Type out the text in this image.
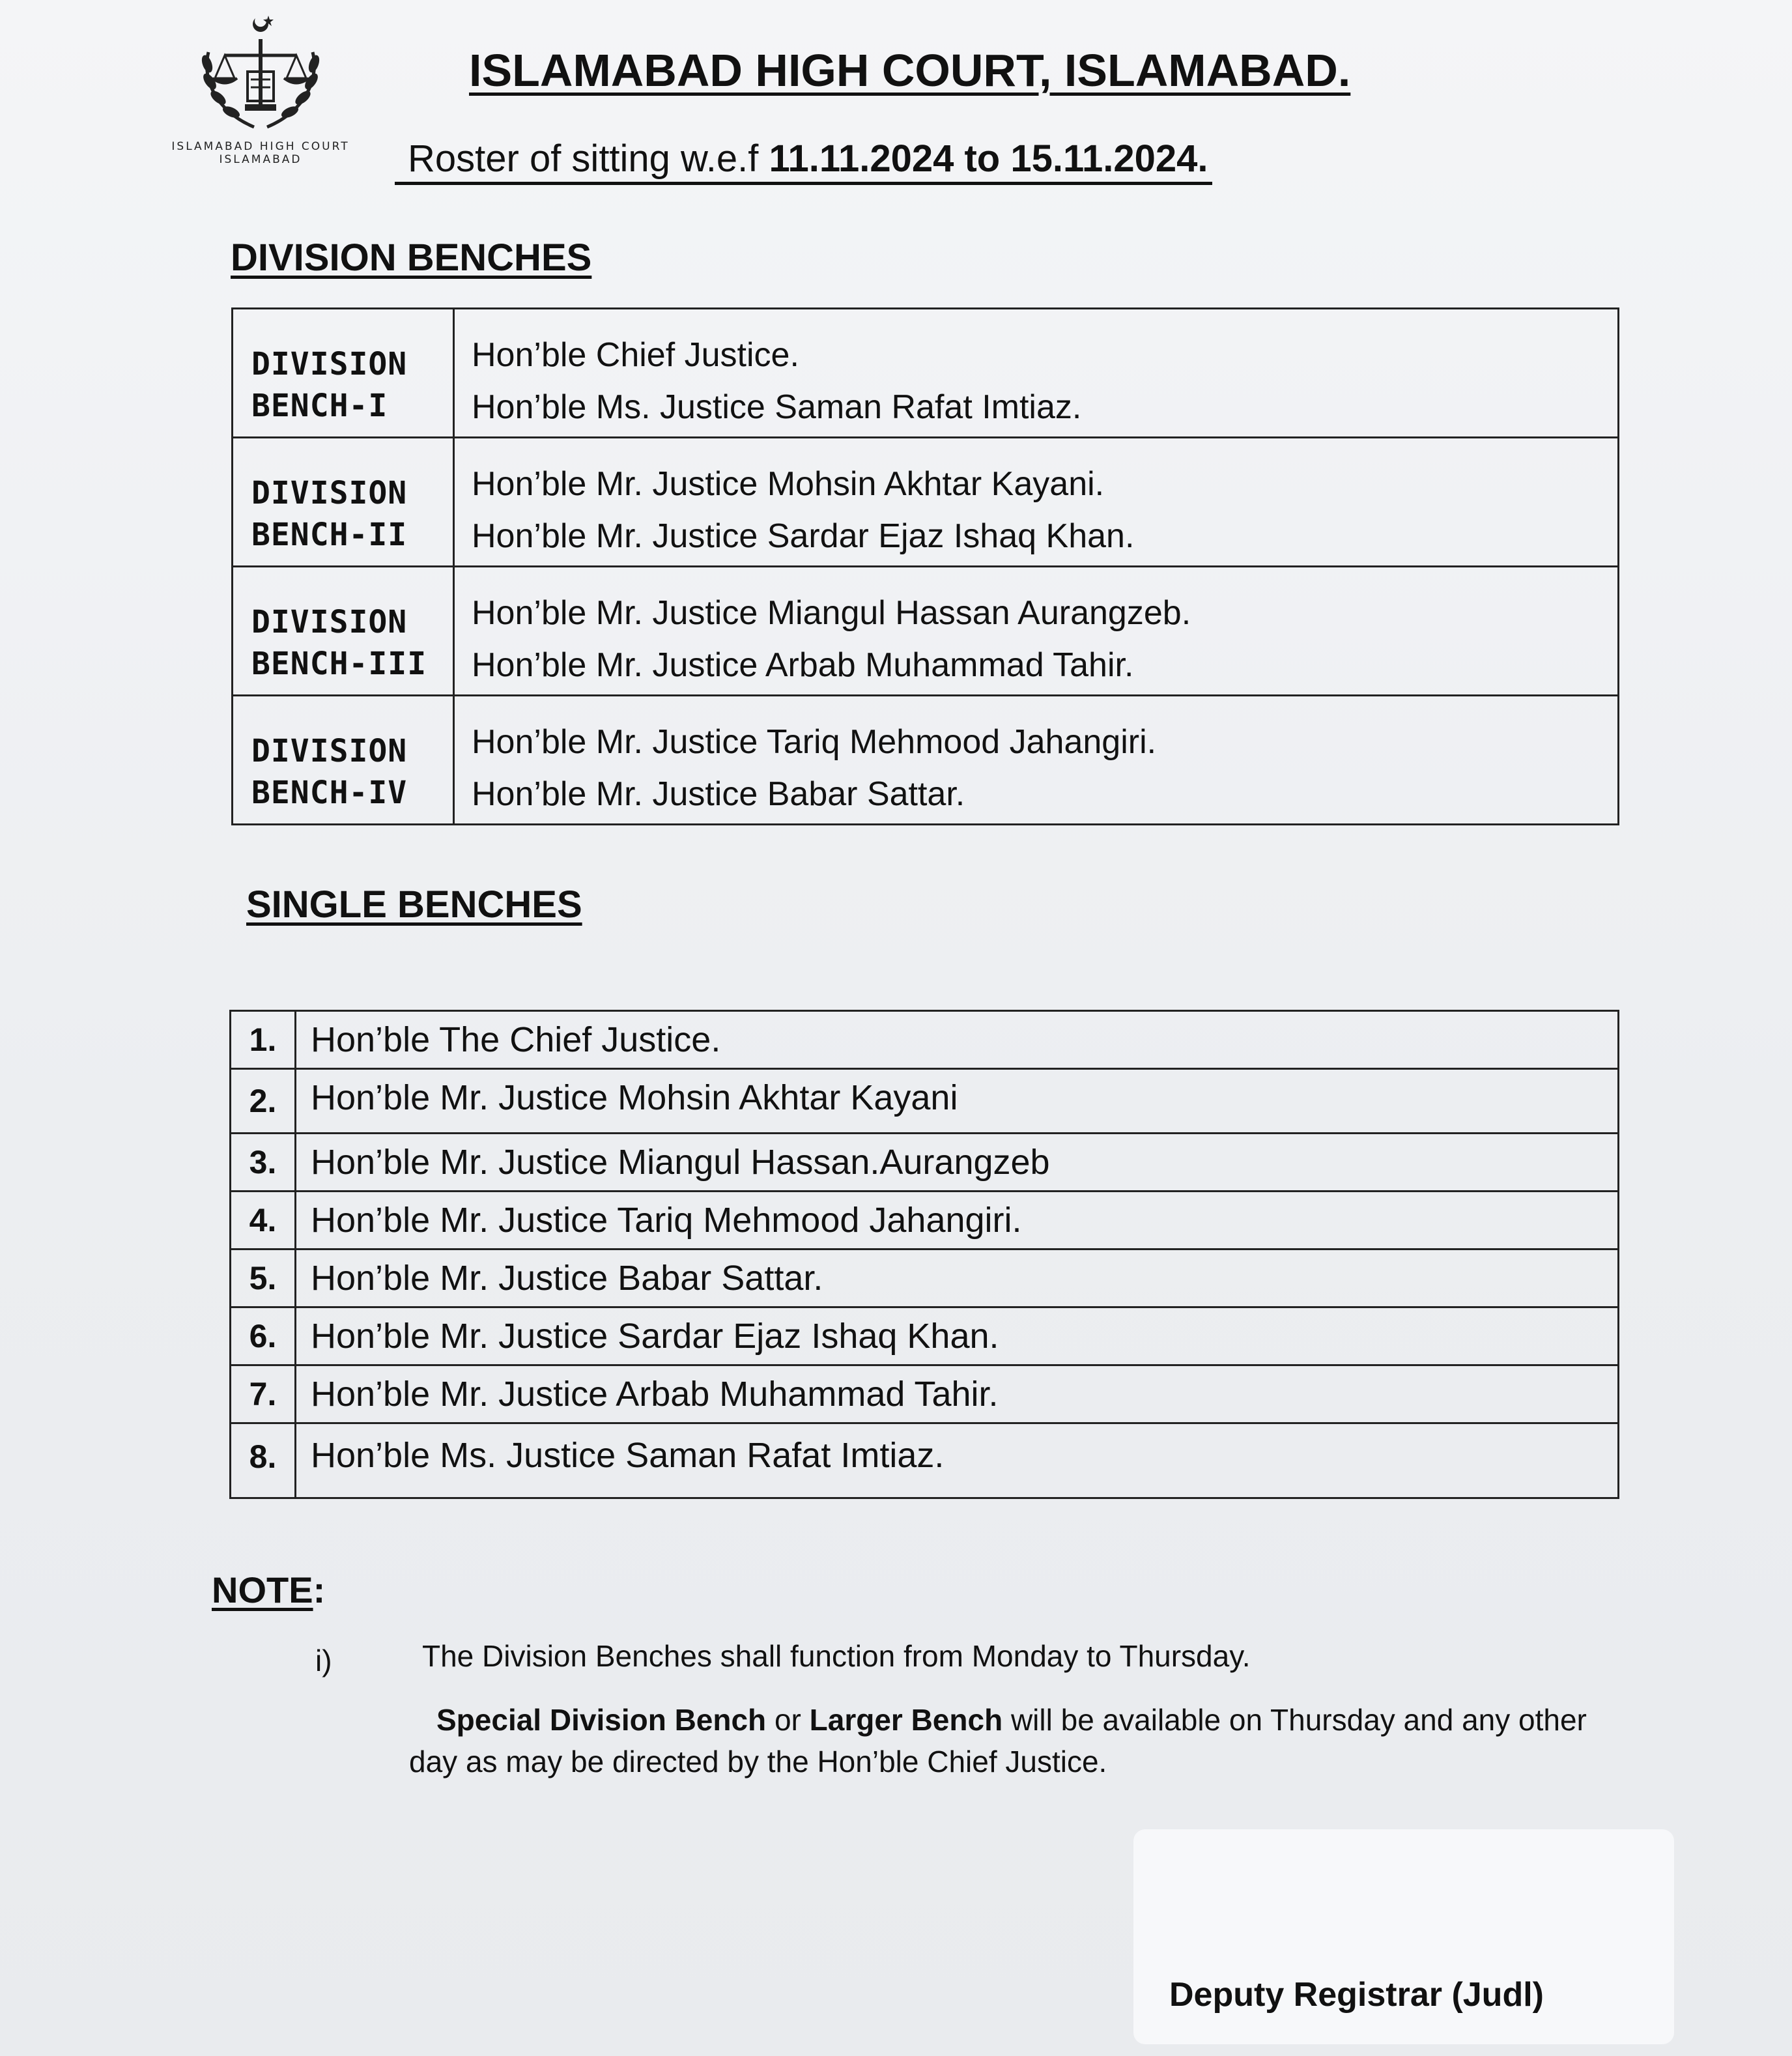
ISLAMABAD HIGH COURT
ISLAMABAD
ISLAMABAD HIGH COURT, ISLAMABAD.
Roster of sitting w.e.f 11.11.2024 to 15.11.2024.
DIVISION BENCHES
DIVISION
BENCH-I
Hon’ble Chief Justice.
Hon’ble Ms. Justice Saman Rafat Imtiaz.
DIVISION
BENCH-II
Hon’ble Mr. Justice Mohsin Akhtar Kayani.
Hon’ble Mr. Justice Sardar Ejaz Ishaq Khan.
DIVISION
BENCH-III
Hon’ble Mr. Justice Miangul Hassan Aurangzeb.
Hon’ble Mr. Justice Arbab Muhammad Tahir.
DIVISION
BENCH-IV
Hon’ble Mr. Justice Tariq Mehmood Jahangiri.
Hon’ble Mr. Justice Babar Sattar.
SINGLE BENCHES
1. Hon’ble The Chief Justice.
2. Hon’ble Mr. Justice Mohsin Akhtar Kayani
3. Hon’ble Mr. Justice Miangul Hassan.Aurangzeb
4. Hon’ble Mr. Justice Tariq Mehmood Jahangiri.
5. Hon’ble Mr. Justice Babar Sattar.
6. Hon’ble Mr. Justice Sardar Ejaz Ishaq Khan.
7. Hon’ble Mr. Justice Arbab Muhammad Tahir.
8. Hon’ble Ms. Justice Saman Rafat Imtiaz.
NOTE:
i)	The Division Benches shall function from Monday to Thursday.
Special Division Bench or Larger Bench will be available on Thursday and any other day as may be directed by the Hon’ble Chief Justice.
Deputy Registrar (Judl)
